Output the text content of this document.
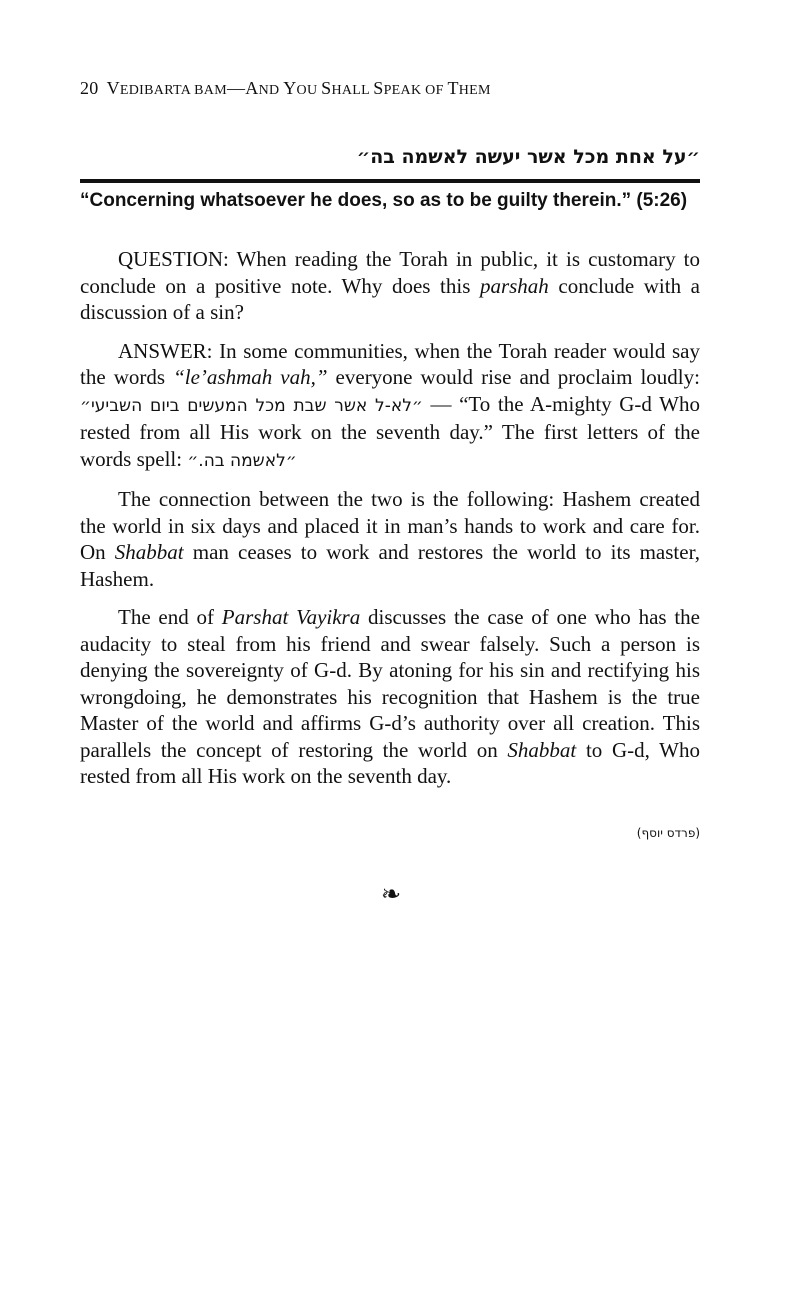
20 VEDIBARTA BAM—AND YOU SHALL SPEAK OF THEM
״על אחת מכל אשר יעשה לאשמה בה״
“Concerning whatsoever he does, so as to be guilty therein.” (5:26)

QUESTION: When reading the Torah in public, it is customary to conclude on a positive note. Why does this parshah conclude with a discussion of a sin?

ANSWER: In some communities, when the Torah reader would say the words “le’ashmah vah,” everyone would rise and proclaim loudly: ״לא-ל אשר שבת מכל המעשים ביום השביעי״ — “To the A-mighty G-d Who rested from all His work on the seventh day.” The first letters of the words spell: ״לאשמה בה.״

The connection between the two is the following: Hashem created the world in six days and placed it in man’s hands to work and care for. On Shabbat man ceases to work and restores the world to its master, Hashem.

The end of Parshat Vayikra discusses the case of one who has the audacity to steal from his friend and swear falsely. Such a person is denying the sovereignty of G-d. By atoning for his sin and rectifying his wrongdoing, he demonstrates his recognition that Hashem is the true Master of the world and affirms G-d’s authority over all creation. This parallels the concept of restoring the world on Shabbat to G-d, Who rested from all His work on the seventh day.

(פרדס יוסף)
❧
